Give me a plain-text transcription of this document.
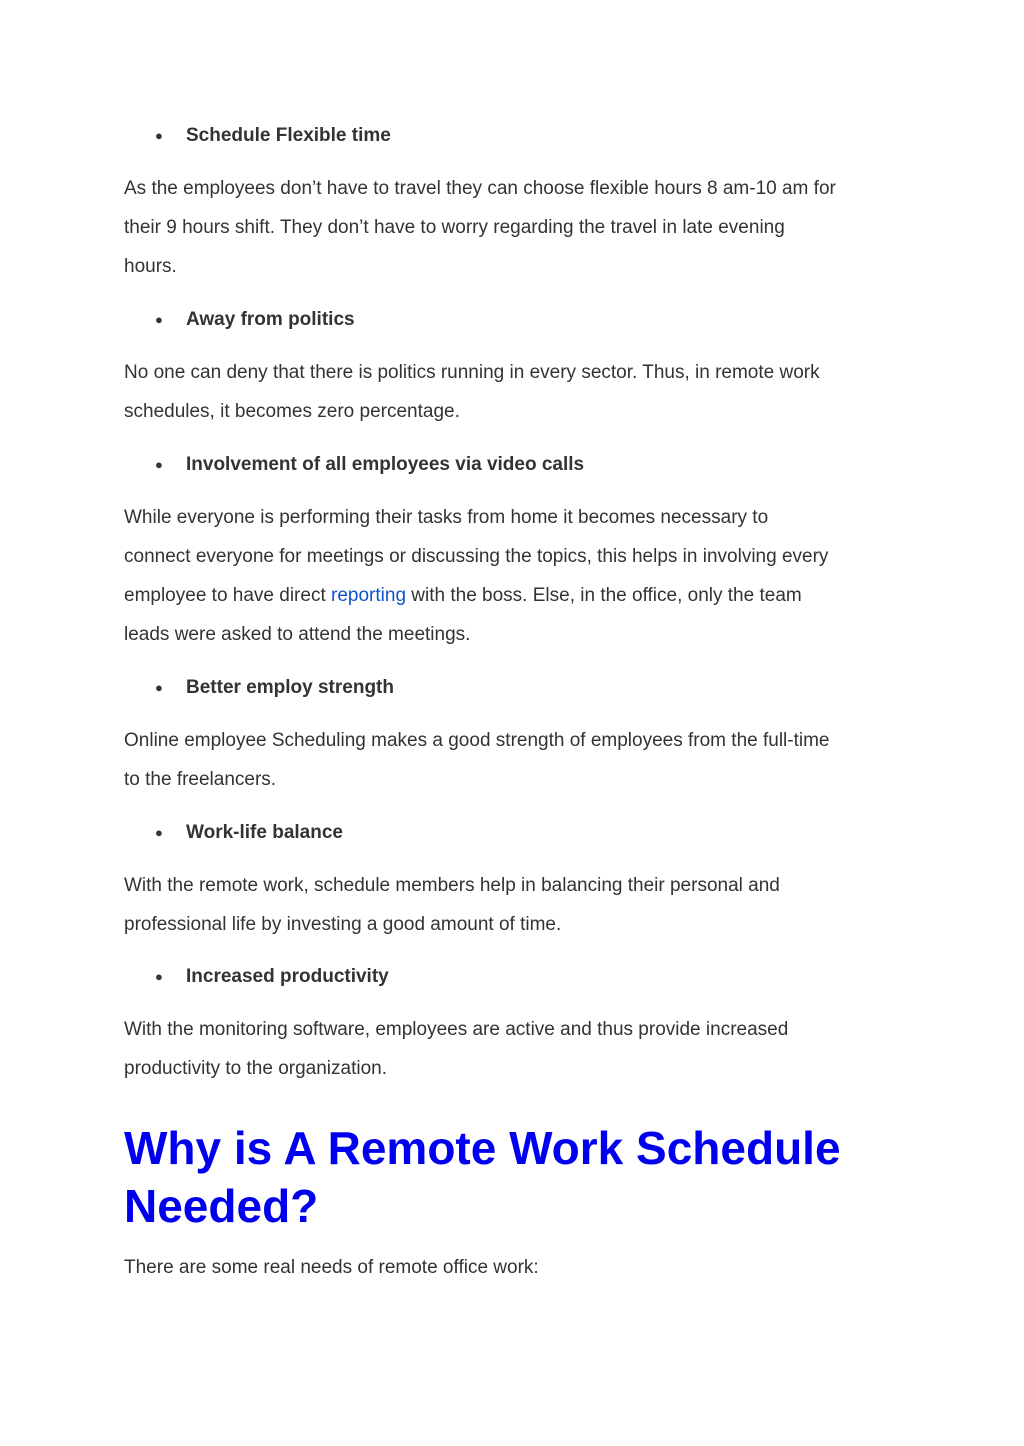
● Schedule Flexible time
As the employees don’t have to travel they can choose flexible hours 8 am-10 am for
their 9 hours shift. They don’t have to worry regarding the travel in late evening
hours.
● Away from politics
No one can deny that there is politics running in every sector. Thus, in remote work
schedules, it becomes zero percentage.
● Involvement of all employees via video calls
While everyone is performing their tasks from home it becomes necessary to
connect everyone for meetings or discussing the topics, this helps in involving every
employee to have direct reporting with the boss. Else, in the office, only the team
leads were asked to attend the meetings.
● Better employ strength
Online employee Scheduling makes a good strength of employees from the full-time
to the freelancers.
● Work-life balance
With the remote work, schedule members help in balancing their personal and
professional life by investing a good amount of time.
● Increased productivity
With the monitoring software, employees are active and thus provide increased
productivity to the organization.
Why is A Remote Work Schedule
Needed?
There are some real needs of remote office work:
